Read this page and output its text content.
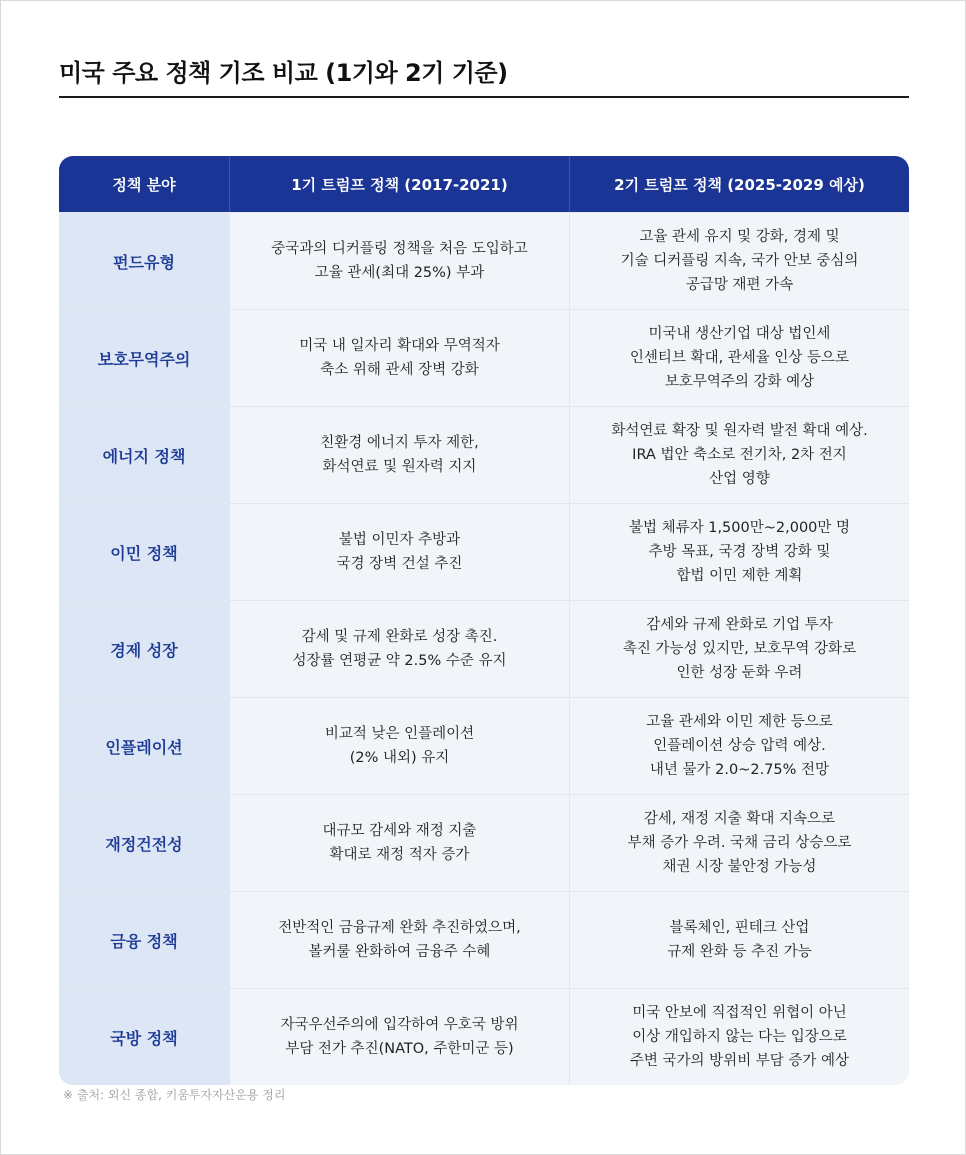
미국 주요 정책 기조 비교 (1기와 2기 기준)
정책 분야	1기 트럼프 정책 (2017-2021)	2기 트럼프 정책 (2025-2029 예상)
펀드유형
중국과의 디커플링 정책을 처음 도입하고
고율 관세(최대 25%) 부과
고율 관세 유지 및 강화, 경제 및
기술 디커플링 지속, 국가 안보 중심의
공급망 재편 가속
보호무역주의
미국 내 일자리 확대와 무역적자
축소 위해 관세 장벽 강화
미국내 생산기업 대상 법인세
인센티브 확대, 관세율 인상 등으로
보호무역주의 강화 예상
에너지 정책
친환경 에너지 투자 제한,
화석연료 및 원자력 지지
화석연료 확장 및 원자력 발전 확대 예상.
IRA 법안 축소로 전기차, 2차 전지
산업 영향
이민 정책
불법 이민자 추방과
국경 장벽 건설 추진
불법 체류자 1,500만~2,000만 명
추방 목표, 국경 장벽 강화 및
합법 이민 제한 계획
경제 성장
감세 및 규제 완화로 성장 촉진.
성장률 연평균 약 2.5% 수준 유지
감세와 규제 완화로 기업 투자
촉진 가능성 있지만, 보호무역 강화로
인한 성장 둔화 우려
인플레이션
비교적 낮은 인플레이션
(2% 내외) 유지
고율 관세와 이민 제한 등으로
인플레이션 상승 압력 예상.
내년 물가 2.0~2.75% 전망
재정건전성
대규모 감세와 재정 지출
확대로 재정 적자 증가
감세, 재정 지출 확대 지속으로
부채 증가 우려. 국채 금리 상승으로
채권 시장 불안정 가능성
금융 정책
전반적인 금융규제 완화 추진하였으며,
볼커룰 완화하여 금융주 수혜
블록체인, 핀테크 산업
규제 완화 등 추진 가능
국방 정책
자국우선주의에 입각하여 우호국 방위
부담 전가 추진(NATO, 주한미군 등)
미국 안보에 직접적인 위협이 아닌
이상 개입하지 않는 다는 입장으로
주변 국가의 방위비 부담 증가 예상
※ 출처: 외신 종합, 키움투자자산운용 정리
